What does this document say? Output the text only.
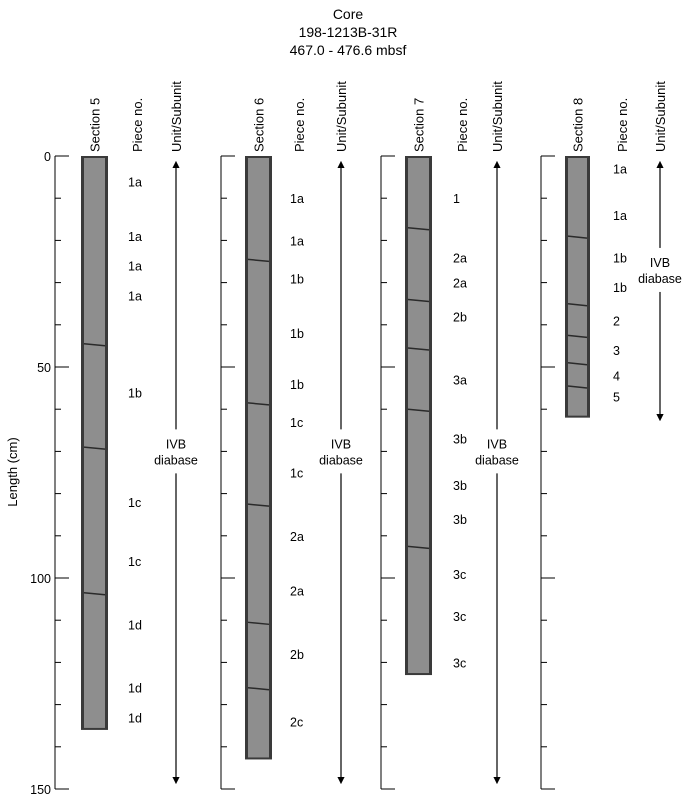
Core
198-1213B-31R
467.0 - 476.6 mbsf
Length (cm)
0
50
100
150
Section 5 Piece no. Unit/Subunit
1a
1a
1a
1a
1b
1c
1c
1d
1d
1d
IVB
diabase
Section 6 Piece no. Unit/Subunit
1a
1a
1b
1b
1b
1c
1c
2a
2a
2b
2c
IVB
diabase
Section 7 Piece no. Unit/Subunit
1
2a
2a
2b
3a
3b
3b
3b
3c
3c
3c
IVB
diabase
Section 8 Piece no. Unit/Subunit
1a
1a
1b
1b
2
3
4
5
IVB
diabase
